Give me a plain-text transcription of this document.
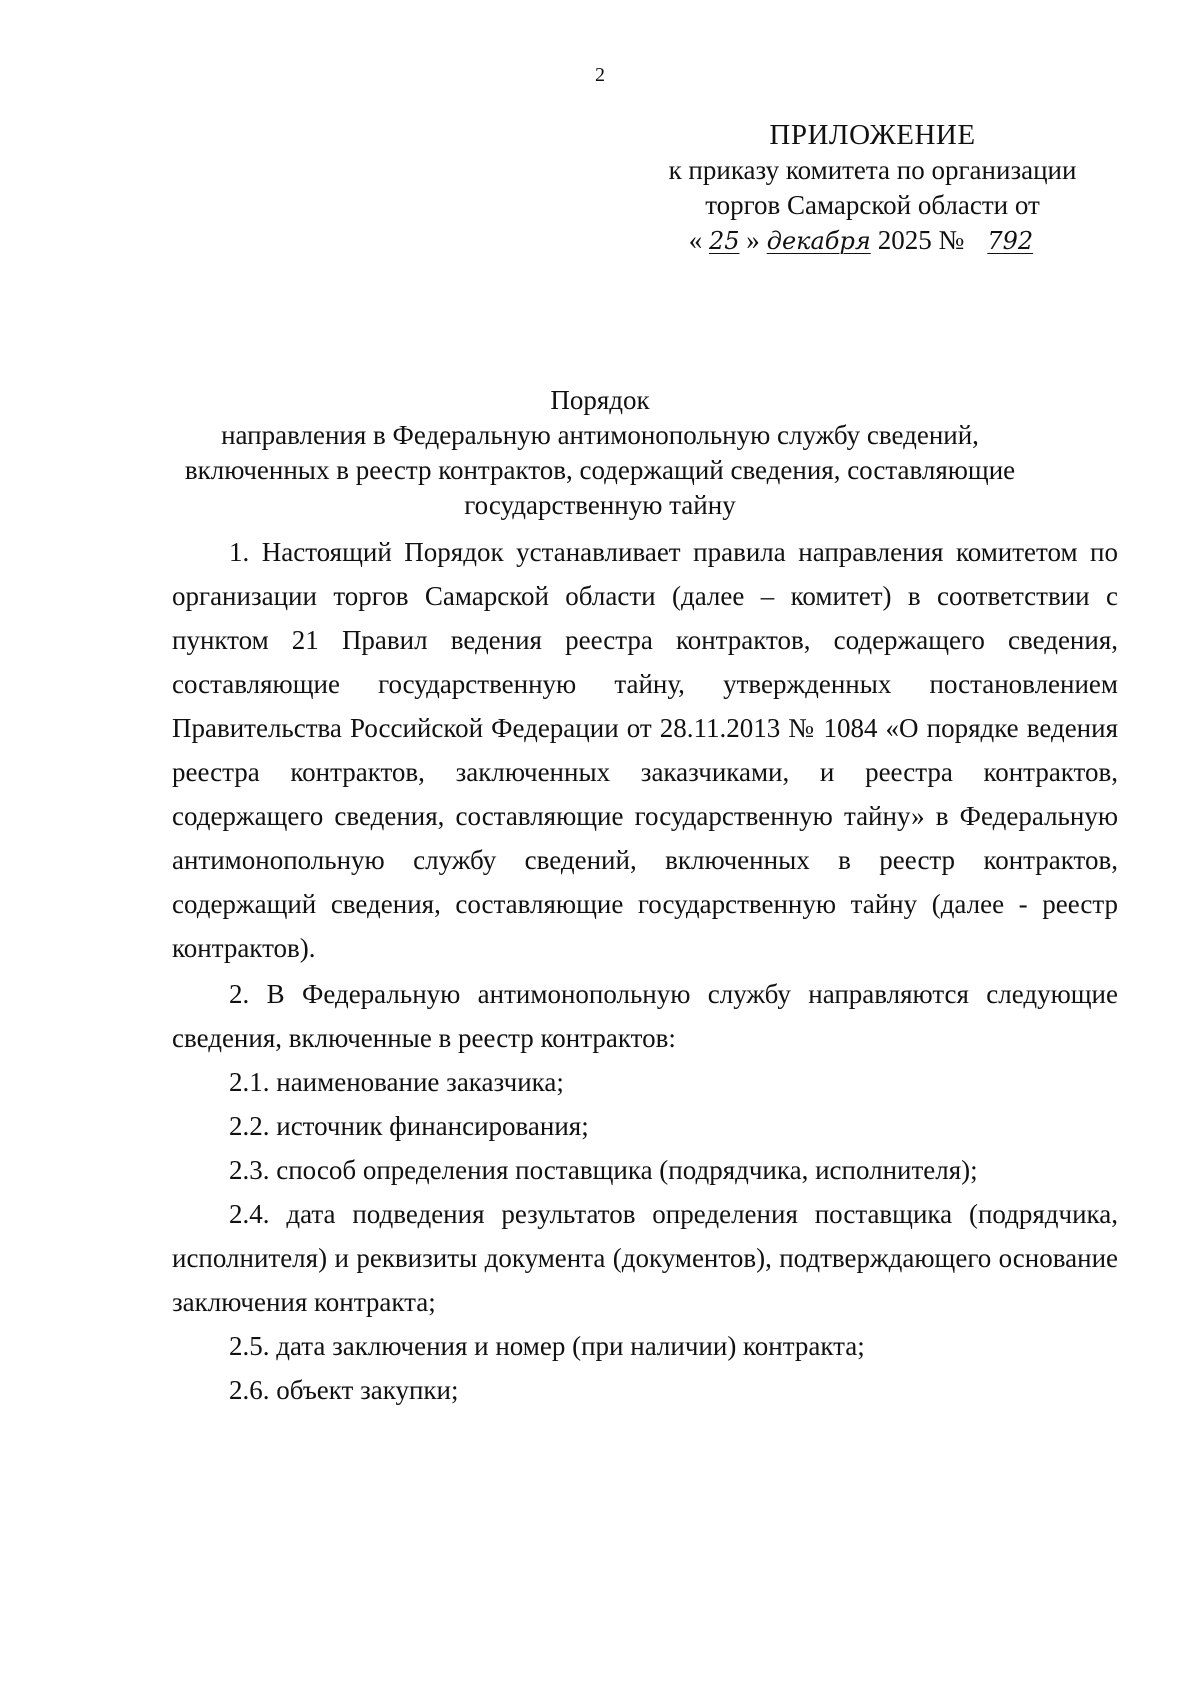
2
ПРИЛОЖЕНИЕ
к приказу комитета по организации
торгов Самарской области от
« 25 » декабря 2025 № 792
Порядок
направления в Федеральную антимонопольную службу сведений,
включенных в реестр контрактов, содержащий сведения, составляющие
государственную тайну

1. Настоящий Порядок устанавливает правила направления комитетом по организации торгов Самарской области (далее – комитет) в соответствии с пунктом 21 Правил ведения реестра контрактов, содержащего сведения, составляющие государственную тайну, утвержденных постановлением Правительства Российской Федерации от 28.11.2013 № 1084 «О порядке ведения реестра контрактов, заключенных заказчиками, и реестра контрактов, содержащего сведения, составляющие государственную тайну» в Федеральную антимонопольную службу сведений, включенных в реестр контрактов, содержащий сведения, составляющие государственную тайну (далее - реестр контрактов).

2. В Федеральную антимонопольную службу направляются следующие сведения, включенные в реестр контрактов:

2.1. наименование заказчика;

2.2. источник финансирования;

2.3. способ определения поставщика (подрядчика, исполнителя);

2.4. дата подведения результатов определения поставщика (подрядчика, исполнителя) и реквизиты документа (документов), подтверждающего основание заключения контракта;

2.5. дата заключения и номер (при наличии) контракта;

2.6. объект закупки;
